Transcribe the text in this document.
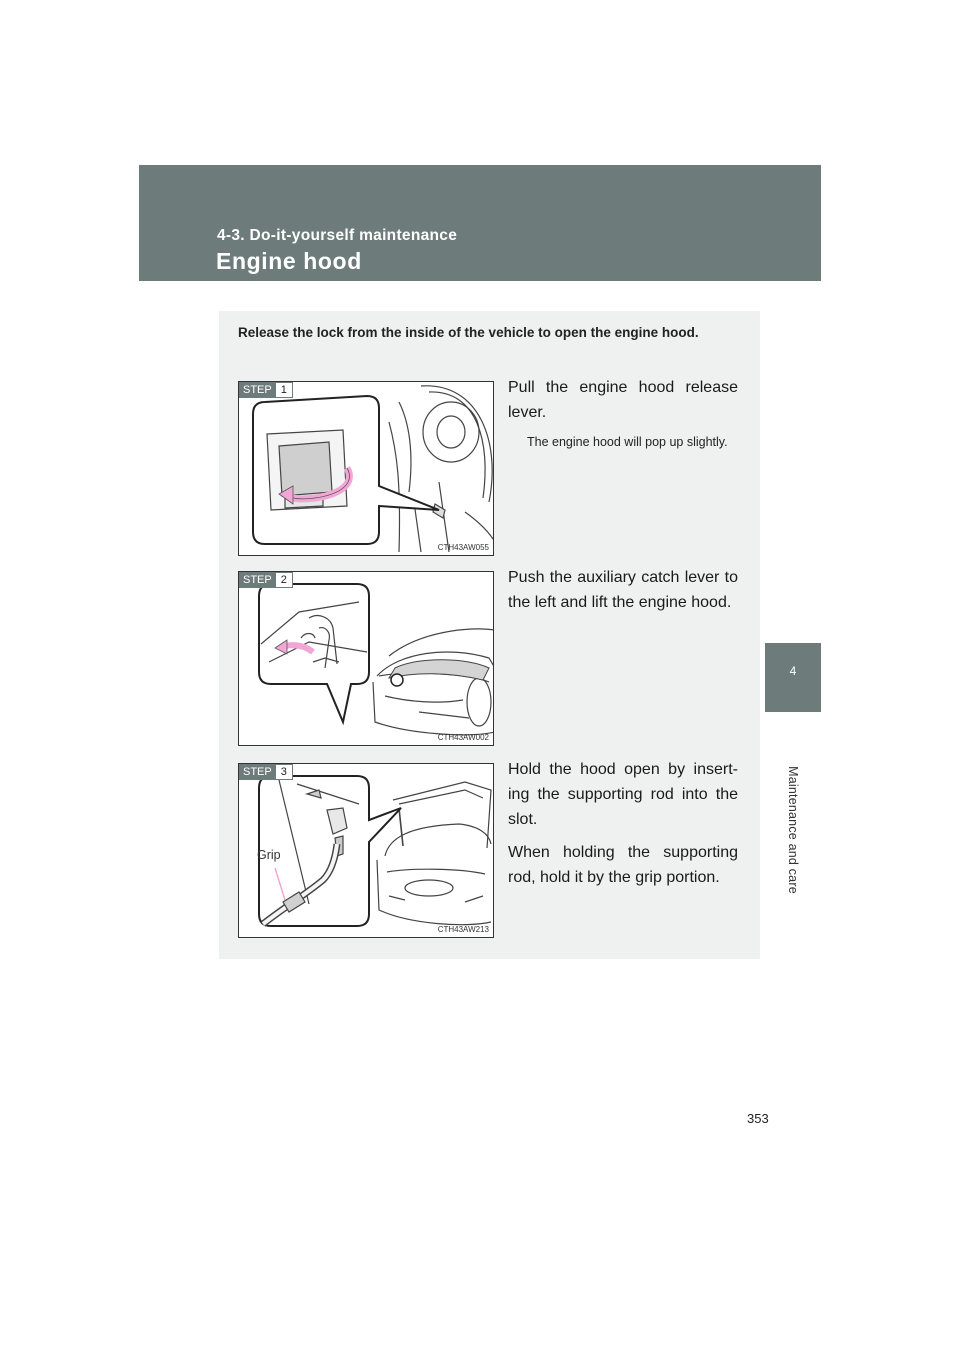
4-3. Do-it-yourself maintenance
Engine hood
4
Maintenance and care
Release the lock from the inside of the vehicle to open the engine hood.
STEP 1
CTH43AW055
Pull the engine hood release lever.
The engine hood will pop up slightly.
STEP 2
CTH43AW002
Push the auxiliary catch lever to the left and lift the engine hood.
STEP 3
Grip
CTH43AW213

Hold the hood open by insert-ing the supporting rod into the slot.

When holding the supporting rod, hold it by the grip portion.

353
